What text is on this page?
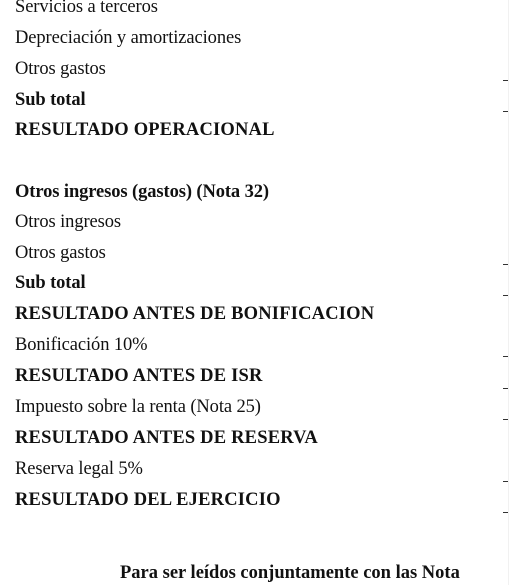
Servicios a terceros
Depreciación y amortizaciones
Otros gastos
Sub total
RESULTADO OPERACIONAL
Otros ingresos (gastos) (Nota 32)
Otros ingresos
Otros gastos
Sub total
RESULTADO ANTES DE BONIFICACION
Bonificación 10%
RESULTADO ANTES DE ISR
Impuesto sobre la renta (Nota 25)
RESULTADO ANTES DE RESERVA
Reserva legal 5%
RESULTADO DEL EJERCICIO
Para ser leídos conjuntamente con las Nota
